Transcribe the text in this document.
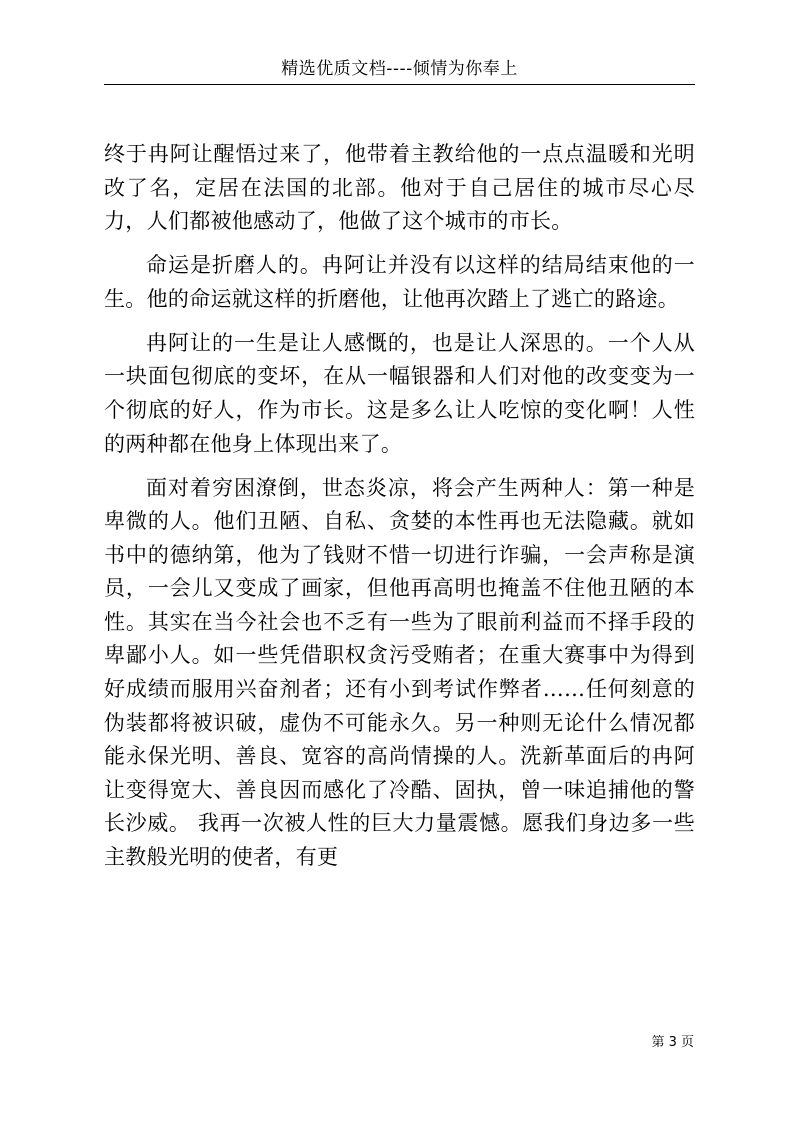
精选优质文档----倾情为你奉上

终于冉阿让醒悟过来了，他带着主教给他的一点点温暖和光明改了名，定居在法国的北部。他对于自己居住的城市尽心尽力，人们都被他感动了，他做了这个城市的市长。

命运是折磨人的。冉阿让并没有以这样的结局结束他的一生。他的命运就这样的折磨他，让他再次踏上了逃亡的路途。

冉阿让的一生是让人感慨的，也是让人深思的。一个人从一块面包彻底的变坏，在从一幅银器和人们对他的改变变为一个彻底的好人，作为市长。这是多么让人吃惊的变化啊！人性的两种都在他身上体现出来了。

面对着穷困潦倒，世态炎凉，将会产生两种人：第一种是卑微的人。他们丑陋、自私、贪婪的本性再也无法隐藏。就如书中的德纳第，他为了钱财不惜一切进行诈骗，一会声称是演员，一会儿又变成了画家，但他再高明也掩盖不住他丑陋的本性。其实在当今社会也不乏有一些为了眼前利益而不择手段的卑鄙小人。如一些凭借职权贪污受贿者；在重大赛事中为得到好成绩而服用兴奋剂者；还有小到考试作弊者……任何刻意的伪装都将被识破，虚伪不可能永久。另一种则无论什么情况都能永保光明、善良、宽容的高尚情操的人。洗新革面后的冉阿让变得宽大、善良因而感化了冷酷、固执，曾一味追捕他的警长沙威。 我再一次被人性的巨大力量震憾。愿我们身边多一些主教般光明的使者，有更

第 3 页
